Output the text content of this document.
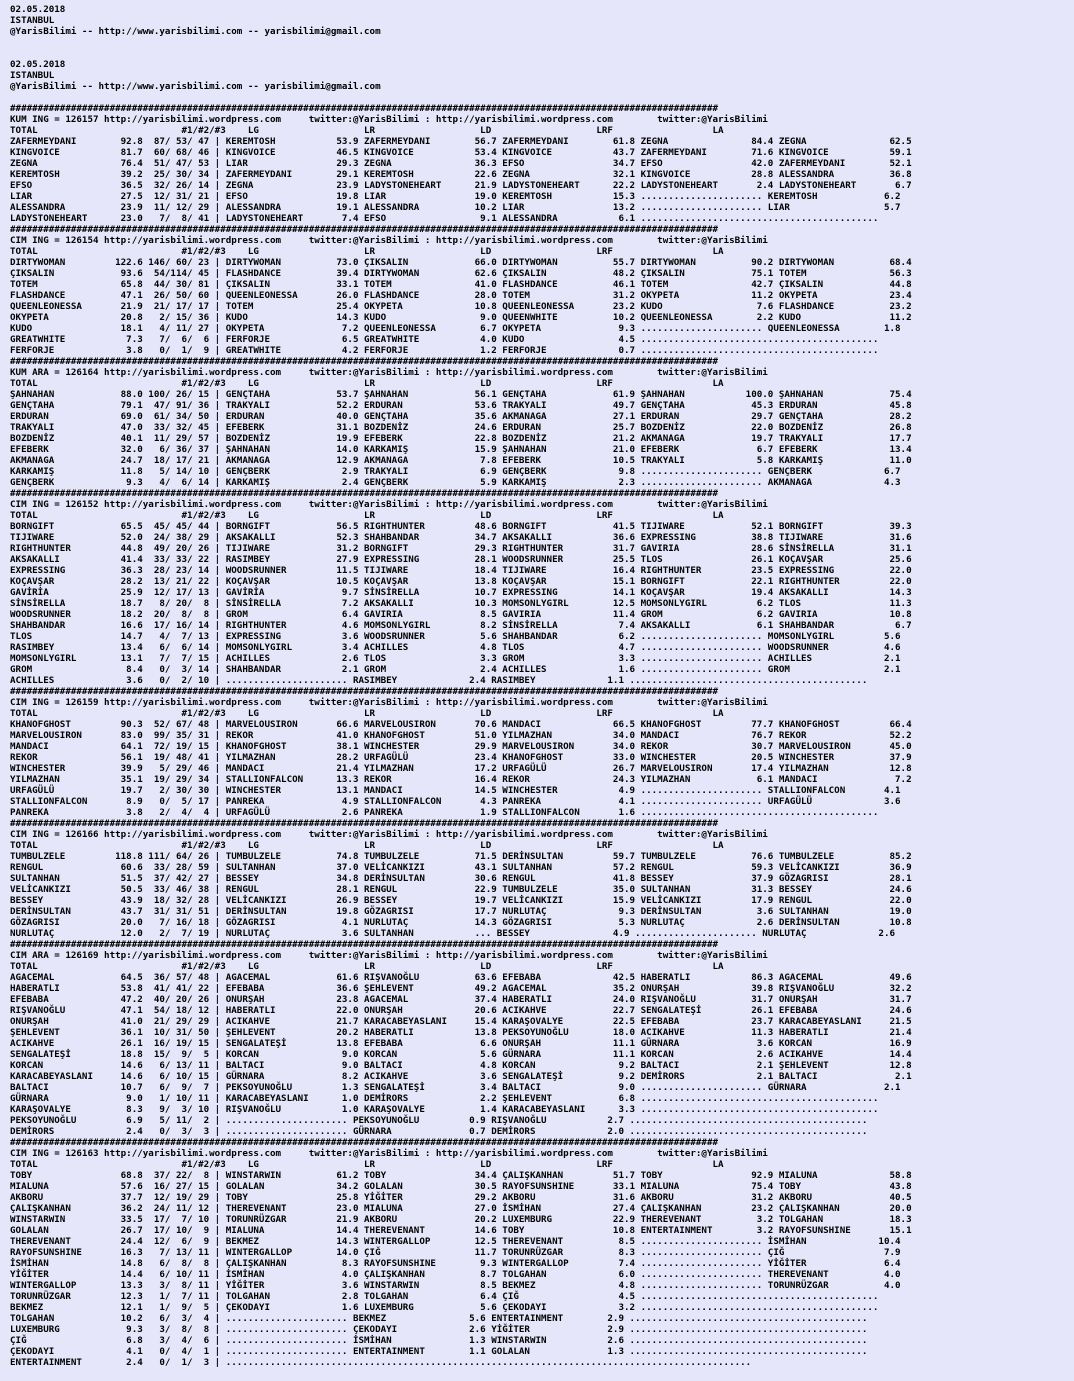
02.05.2018
ISTANBUL
@YarisBilimi -- http://www.yarisbilimi.com -- yarisbilimi@gmail.com

02.05.2018
ISTANBUL
@YarisBilimi -- http://www.yarisbilimi.com -- yarisbilimi@gmail.com

################################################################################################################################
KUM ING = 126157 http://yarisbilimi.wordpress.com     twitter:@YarisBilimi : http://yarisbilimi.wordpress.com        twitter:@YarisBilimi
TOTAL                          #1/#2/#3    LG                   LR                   LD                   LRF                  LA
ZAFERMEYDANI        92.8  87/ 53/ 47 | KEREMTOSH           53.9 ZAFERMEYDANI        56.7 ZAFERMEYDANI        61.8 ZEGNA               84.4 ZEGNA               62.5
KINGVOICE           81.7  60/ 68/ 46 | KINGVOICE           46.5 KINGVOICE           53.4 KINGVOICE           43.7 ZAFERMEYDANI        71.6 KINGVOICE           59.1
ZEGNA               76.4  51/ 47/ 53 | LIAR                29.3 ZEGNA               36.3 EFSO                34.7 EFSO                42.0 ZAFERMEYDANI        52.1
KEREMTOSH           39.2  25/ 30/ 34 | ZAFERMEYDANI        29.1 KEREMTOSH           22.6 ZEGNA               32.1 KINGVOICE           28.8 ALESSANDRA          36.8
EFSO                36.5  32/ 26/ 14 | ZEGNA               23.9 LADYSTONEHEART      21.9 LADYSTONEHEART      22.2 LADYSTONEHEART       2.4 LADYSTONEHEART       6.7
LIAR                27.5  12/ 31/ 21 | EFSO                19.8 LIAR                19.0 KEREMTOSH           15.3 ...................... KEREMTOSH            6.2
ALESSANDRA          23.9  11/ 12/ 29 | ALESSANDRA          19.1 ALESSANDRA          10.2 LIAR                13.2 ...................... LIAR                 5.7
LADYSTONEHEART      23.0   7/  8/ 41 | LADYSTONEHEART       7.4 EFSO                 9.1 ALESSANDRA           6.1 ...........................................
################################################################################################################################
CIM ING = 126154 http://yarisbilimi.wordpress.com     twitter:@YarisBilimi : http://yarisbilimi.wordpress.com        twitter:@YarisBilimi
TOTAL                          #1/#2/#3    LG                   LR                   LD                   LRF                  LA
DIRTYWOMAN         122.6 146/ 60/ 23 | DIRTYWOMAN          73.0 ÇIKSALIN            66.0 DIRTYWOMAN          55.7 DIRTYWOMAN          90.2 DIRTYWOMAN          68.4
ÇIKSALIN            93.6  54/114/ 45 | FLASHDANCE          39.4 DIRTYWOMAN          62.6 ÇIKSALIN            48.2 ÇIKSALIN            75.1 TOTEM               56.3
TOTEM               65.8  44/ 30/ 81 | ÇIKSALIN            33.1 TOTEM               41.0 FLASHDANCE          46.1 TOTEM               42.7 ÇIKSALIN            44.8
FLASHDANCE          47.1  26/ 50/ 60 | QUEENLEONESSA       26.0 FLASHDANCE          28.0 TOTEM               31.2 OKYPETA             11.2 OKYPETA             23.4
QUEENLEONESSA       21.9  21/ 17/ 17 | TOTEM               25.4 OKYPETA             10.8 QUEENLEONESSA       23.2 KUDO                 7.6 FLASHDANCE          23.2
OKYPETA             20.8   2/ 15/ 36 | KUDO                14.3 KUDO                 9.0 QUEENWHITE          10.2 QUEENLEONESSA        2.2 KUDO                11.2
KUDO                18.1   4/ 11/ 27 | OKYPETA              7.2 QUEENLEONESSA        6.7 OKYPETA              9.3 ...................... QUEENLEONESSA        1.8
GREATWHITE           7.3   7/  6/  6 | FERFORJE             6.5 GREATWHITE           4.0 KUDO                 4.5 ...........................................
FERFORJE             3.8   0/  1/  9 | GREATWHITE           4.2 FERFORJE             1.2 FERFORJE             0.7 ...........................................
################################################################################################################################
KUM ARA = 126164 http://yarisbilimi.wordpress.com     twitter:@YarisBilimi : http://yarisbilimi.wordpress.com        twitter:@YarisBilimi
TOTAL                          #1/#2/#3    LG                   LR                   LD                   LRF                  LA
ŞAHNAHAN            88.0 100/ 26/ 15 | GENÇTAHA            53.7 ŞAHNAHAN            56.1 GENÇTAHA            61.9 ŞAHNAHAN           100.0 ŞAHNAHAN            75.4
GENÇTAHA            79.1  47/ 91/ 36 | TRAKYALI            52.2 ERDURAN             53.6 TRAKYALI            49.7 GENÇTAHA            45.3 ERDURAN             45.8
ERDURAN             69.0  61/ 34/ 50 | ERDURAN             40.0 GENÇTAHA            35.6 AKMANAGA            27.1 ERDURAN             29.7 GENÇTAHA            28.2
TRAKYALI            47.0  33/ 32/ 45 | EFEBERK             31.1 BOZDENİZ            24.6 ERDURAN             25.7 BOZDENİZ            22.0 BOZDENİZ            26.8
BOZDENİZ            40.1  11/ 29/ 57 | BOZDENİZ            19.9 EFEBERK             22.8 BOZDENİZ            21.2 AKMANAGA            19.7 TRAKYALI            17.7
EFEBERK             32.0   6/ 36/ 37 | ŞAHNAHAN            14.0 KARKAMIŞ            15.9 ŞAHNAHAN            21.0 EFEBERK              6.7 EFEBERK             13.4
AKMANAGA            24.7  18/ 17/ 21 | AKMANAGA            12.9 AKMANAGA             7.8 EFEBERK             10.5 TRAKYALI             5.8 KARKAMIŞ            11.0
KARKAMIŞ            11.8   5/ 14/ 10 | GENÇBERK             2.9 TRAKYALI             6.9 GENÇBERK             9.8 ...................... GENÇBERK             6.7
GENÇBERK             9.3   4/  6/ 14 | KARKAMIŞ             2.4 GENÇBERK             5.9 KARKAMIŞ             2.3 ...................... AKMANAGA             4.3
################################################################################################################################
CIM ING = 126152 http://yarisbilimi.wordpress.com     twitter:@YarisBilimi : http://yarisbilimi.wordpress.com        twitter:@YarisBilimi
TOTAL                          #1/#2/#3    LG                   LR                   LD                   LRF                  LA
BORNGIFT            65.5  45/ 45/ 44 | BORNGIFT            56.5 RIGHTHUNTER         48.6 BORNGIFT            41.5 TIJIWARE            52.1 BORNGIFT            39.3
TIJIWARE            52.0  24/ 38/ 29 | AKSAKALLI           52.3 SHAHBANDAR          34.7 AKSAKALLI           36.6 EXPRESSING          38.8 TIJIWARE            31.6
RIGHTHUNTER         44.8  49/ 20/ 26 | TIJIWARE            31.2 BORNGIFT            29.3 RIGHTHUNTER         31.7 GAVIRIA             28.6 SİNSİRELLA          31.1
AKSAKALLI           41.4  33/ 33/ 22 | RASIMBEY            27.9 EXPRESSING          28.1 WOODSRUNNER         25.5 TLOS                26.1 KOÇAVŞAR            25.6
EXPRESSING          36.3  28/ 23/ 14 | WOODSRUNNER         11.5 TIJIWARE            18.4 TIJIWARE            16.4 RIGHTHUNTER         23.5 EXPRESSING          22.0
KOÇAVŞAR            28.2  13/ 21/ 22 | KOÇAVŞAR            10.5 KOÇAVŞAR            13.8 KOÇAVŞAR            15.1 BORNGIFT            22.1 RIGHTHUNTER         22.0
GAVİRİA             25.9  12/ 17/ 13 | GAVİRİA              9.7 SİNSİRELLA          10.7 EXPRESSING          14.1 KOÇAVŞAR            19.4 AKSAKALLI           14.3
SİNSİRELLA          18.7   8/ 20/  8 | SİNSİRELLA           7.2 AKSAKALLI           10.3 MOMSONLYGIRL        12.5 MOMSONLYGIRL         6.2 TLOS                11.3
WOODSRUNNER         18.2  20/  8/  8 | GROM                 6.4 GAVIRIA              8.5 GAVIRIA             11.4 GROM                 6.2 GAVIRIA             10.8
SHAHBANDAR          16.6  17/ 16/ 14 | RIGHTHUNTER          4.6 MOMSONLYGIRL         8.2 SİNSİRELLA           7.4 AKSAKALLI            6.1 SHAHBANDAR           6.7
TLOS                14.7   4/  7/ 13 | EXPRESSING           3.6 WOODSRUNNER          5.6 SHAHBANDAR           6.2 ...................... MOMSONLYGIRL         5.6
RASIMBEY            13.4   6/  6/ 14 | MOMSONLYGIRL         3.4 ACHILLES             4.8 TLOS                 4.7 ...................... WOODSRUNNER          4.6
MOMSONLYGIRL        13.1   7/  7/ 15 | ACHILLES             2.6 TLOS                 3.3 GROM                 3.3 ...................... ACHILLES             2.1
GROM                 8.4   0/  3/ 14 | SHAHBANDAR           2.1 GROM                 2.4 ACHILLES             1.6 ...................... GROM                 2.1
ACHILLES             3.6   0/  2/ 10 | ...................... RASIMBEY             2.4 RASIMBEY             1.1 ...........................................
################################################################################################################################
CIM ING = 126159 http://yarisbilimi.wordpress.com     twitter:@YarisBilimi : http://yarisbilimi.wordpress.com        twitter:@YarisBilimi
TOTAL                          #1/#2/#3    LG                   LR                   LD                   LRF                  LA
KHANOFGHOST         90.3  52/ 67/ 48 | MARVELOUSIRON       66.6 MARVELOUSIRON       70.6 MANDACI             66.5 KHANOFGHOST         77.7 KHANOFGHOST         66.4
MARVELOUSIRON       83.0  99/ 35/ 31 | REKOR               41.0 KHANOFGHOST         51.0 YILMAZHAN           34.0 MANDACI             76.7 REKOR               52.2
MANDACI             64.1  72/ 19/ 15 | KHANOFGHOST         38.1 WINCHESTER          29.9 MARVELOUSIRON       34.0 REKOR               30.7 MARVELOUSIRON       45.0
REKOR               56.1  19/ 48/ 41 | YILMAZHAN           28.2 URFAGÜLÜ            23.4 KHANOFGHOST         33.0 WINCHESTER          20.5 WINCHESTER          37.9
WINCHESTER          39.9   5/ 29/ 46 | MANDACI             21.4 YILMAZHAN           17.2 URFAGÜLÜ            26.7 MARVELOUSIRON       17.4 YILMAZHAN           12.8
YILMAZHAN           35.1  19/ 29/ 34 | STALLIONFALCON      13.3 REKOR               16.4 REKOR               24.3 YILMAZHAN            6.1 MANDACI              7.2
URFAGÜLÜ            19.7   2/ 30/ 30 | WINCHESTER          13.1 MANDACI             14.5 WINCHESTER           4.9 ...................... STALLIONFALCON       4.1
STALLIONFALCON       8.9   0/  5/ 17 | PANREKA              4.9 STALLIONFALCON       4.3 PANREKA              4.1 ...................... URFAGÜLÜ             3.6
PANREKA              3.8   2/  4/  4 | URFAGÜLÜ             2.6 PANREKA              1.9 STALLIONFALCON       1.6 ...........................................
################################################################################################################################
CIM ING = 126166 http://yarisbilimi.wordpress.com     twitter:@YarisBilimi : http://yarisbilimi.wordpress.com        twitter:@YarisBilimi
TOTAL                          #1/#2/#3    LG                   LR                   LD                   LRF                  LA
TUMBULZELE         118.8 111/ 64/ 26 | TUMBULZELE          74.8 TUMBULZELE          71.5 DERİNSULTAN         59.7 TUMBULZELE          76.6 TUMBULZELE          85.2
RENGUL              60.6  33/ 28/ 59 | SULTANHAN           37.0 VELİCANKIZI         43.1 SULTANHAN           57.2 RENGUL              59.3 VELİCANKIZI         36.9
SULTANHAN           51.5  37/ 42/ 27 | BESSEY              34.8 DERİNSULTAN         30.6 RENGUL              41.8 BESSEY              37.9 GÖZAGRISI           28.1
VELİCANKIZI         50.5  33/ 46/ 38 | RENGUL              28.1 RENGUL              22.9 TUMBULZELE          35.0 SULTANHAN           31.3 BESSEY              24.6
BESSEY              43.9  18/ 32/ 28 | VELİCANKIZI         26.9 BESSEY              19.7 VELİCANKIZI         15.9 VELİCANKIZI         17.9 RENGUL              22.0
DERİNSULTAN         43.7  31/ 31/ 51 | DERİNSULTAN         19.8 GÖZAGRISI           17.7 NURLUTAÇ             9.3 DERİNSULTAN          3.6 SULTANHAN           19.0
GÖZAGRISI           20.0   7/ 16/ 18 | GÖZAGRISI            4.1 NURLUTAÇ            14.3 GÖZAGRISI            5.3 NURLUTAÇ             2.6 DERİNSULTAN         10.8
NURLUTAÇ            12.0   2/  7/ 19 | NURLUTAÇ             3.6 SULTANHAN           ... BESSEY               4.9 ...................... NURLUTAÇ             2.6
################################################################################################################################
CIM ARA = 126169 http://yarisbilimi.wordpress.com     twitter:@YarisBilimi : http://yarisbilimi.wordpress.com        twitter:@YarisBilimi
TOTAL                          #1/#2/#3    LG                   LR                   LD                   LRF                  LA
AGACEMAL            64.5  36/ 57/ 48 | AGACEMAL            61.6 RIŞVANOĞLU          63.6 EFEBABA             42.5 HABERATLI           86.3 AGACEMAL            49.6
HABERATLI           53.8  41/ 41/ 22 | EFEBABA             36.6 ŞEHLEVENT           49.2 AGACEMAL            35.2 ONURŞAH             39.8 RIŞVANOĞLU          32.2
EFEBABA             47.2  40/ 20/ 26 | ONURŞAH             23.8 AGACEMAL            37.4 HABERATLI           24.0 RIŞVANOĞLU          31.7 ONURŞAH             31.7
RIŞVANOĞLU          47.1  54/ 18/ 12 | HABERATLI           22.0 ONURŞAH             20.6 ACIKAHVE            22.7 SENGALATEŞİ         26.1 EFEBABA             24.6
ONURŞAH             41.0  21/ 29/ 29 | ACIKAHVE            21.7 KARACABEYASLANI     15.4 KARAŞOVALYE         22.5 EFEBABA             23.7 KARACABEYASLANI     21.5
ŞEHLEVENT           36.1  10/ 31/ 50 | ŞEHLEVENT           20.2 HABERATLI           13.8 PEKSOYUNOĞLU        18.0 ACIKAHVE            11.3 HABERATLI           21.4
ACIKAHVE            26.1  16/ 19/ 15 | SENGALATEŞİ         13.8 EFEBABA              6.6 ONURŞAH             11.1 GÜRNARA              3.6 KORCAN              16.9
SENGALATEŞİ         18.8  15/  9/  5 | KORCAN               9.0 KORCAN               5.6 GÜRNARA             11.1 KORCAN               2.6 ACIKAHVE            14.4
KORCAN              14.6   6/ 13/ 11 | BALTACI              9.0 BALTACI              4.8 KORCAN               9.2 BALTACI              2.1 ŞEHLEVENT           12.8
KARACABEYASLANI     14.6   6/ 10/ 15 | GÜRNARA              8.2 ACIKAHVE             3.6 SENGALATEŞİ          9.2 DEMİRORS             2.1 BALTACI              2.1
BALTACI             10.7   6/  9/  7 | PEKSOYUNOĞLU         1.3 SENGALATEŞİ          3.4 BALTACI              9.0 ...................... GÜRNARA              2.1
GÜRNARA              9.0   1/ 10/ 11 | KARACABEYASLANI      1.0 DEMİRORS             2.2 ŞEHLEVENT            6.8 ...........................................
KARAŞOVALYE          8.3   9/  3/ 10 | RIŞVANOĞLU           1.0 KARAŞOVALYE          1.4 KARACABEYASLANI      3.3 ...........................................
PEKSOYUNOĞLU         6.9   5/ 11/  2 | ...................... PEKSOYUNOĞLU         0.9 RIŞVANOĞLU           2.7 ...........................................
DEMİRORS             2.4   0/  3/  3 | ...................... GÜRNARA              0.7 DEMİRORS             2.0 ...........................................
################################################################################################################################
CIM ING = 126163 http://yarisbilimi.wordpress.com     twitter:@YarisBilimi : http://yarisbilimi.wordpress.com        twitter:@YarisBilimi
TOTAL                          #1/#2/#3    LG                   LR                   LD                   LRF                  LA
TOBY                68.8  37/ 22/  8 | WINSTARWIN          61.2 TOBY                34.4 ÇALIŞKANHAN         51.7 TOBY                92.9 MIALUNA             58.8
MIALUNA             57.6  16/ 27/ 15 | GOLALAN             34.2 GOLALAN             30.5 RAYOFSUNSHINE       33.1 MIALUNA             75.4 TOBY                43.8
AKBORU              37.7  12/ 19/ 29 | TOBY                25.8 YİĞİTER             29.2 AKBORU              31.6 AKBORU              31.2 AKBORU              40.5
ÇALIŞKANHAN         36.2  24/ 11/ 12 | THEREVENANT         23.0 MIALUNA             27.0 İSMİHAN             27.4 ÇALIŞKANHAN         23.2 ÇALIŞKANHAN         20.0
WINSTARWIN          33.5  17/  7/ 10 | TORUNRÜZGAR         21.9 AKBORU              20.2 LUXEMBURG           22.9 THEREVENANT          3.2 TOLGAHAN            18.3
GOLALAN             26.7  17/ 10/  9 | MIALUNA             14.4 THEREVENANT         14.6 TOBY                10.8 ENTERTAINMENT        3.2 RAYOFSUNSHINE       15.1
THEREVENANT         24.4  12/  6/  9 | BEKMEZ              14.3 WINTERGALLOP        12.5 THEREVENANT          8.5 ...................... İSMİHAN             10.4
RAYOFSUNSHINE       16.3   7/ 13/ 11 | WINTERGALLOP        14.0 ÇIĞ                 11.7 TORUNRÜZGAR          8.3 ...................... ÇIĞ                  7.9
İSMİHAN             14.8   6/  8/  8 | ÇALIŞKANHAN          8.3 RAYOFSUNSHINE        9.3 WINTERGALLOP         7.4 ...................... YİĞİTER              6.4
YİĞİTER             14.4   6/ 10/ 11 | İSMİHAN              4.0 ÇALIŞKANHAN          8.7 TOLGAHAN             6.0 ...................... THEREVENANT          4.0
WINTERGALLOP        13.3   3/  8/ 11 | YİĞİTER              3.6 WINSTARWIN           8.5 BEKMEZ               4.8 ...................... TORUNRÜZGAR          4.0
TORUNRÜZGAR         12.3   1/  7/ 11 | TOLGAHAN             2.8 TOLGAHAN             6.4 ÇIĞ                  4.5 ...........................................
BEKMEZ              12.1   1/  9/  5 | ÇEKODAYI             1.6 LUXEMBURG            5.6 ÇEKODAYI             3.2 ...........................................
TOLGAHAN            10.2   6/  3/  4 | ...................... BEKMEZ               5.6 ENTERTAINMENT        2.9 ...........................................
LUXEMBURG            9.3   3/  8/  8 | ...................... ÇEKODAYI             2.6 YİĞİTER              2.9 ...........................................
ÇIĞ                  6.8   3/  4/  6 | ...................... İSMİHAN              1.3 WINSTARWIN           2.6 ...........................................
ÇEKODAYI             4.1   0/  4/  1 | ...................... ENTERTAINMENT        1.1 GOLALAN              1.3 ...........................................
ENTERTAINMENT        2.4   0/  1/  3 | ...............................................................................................
